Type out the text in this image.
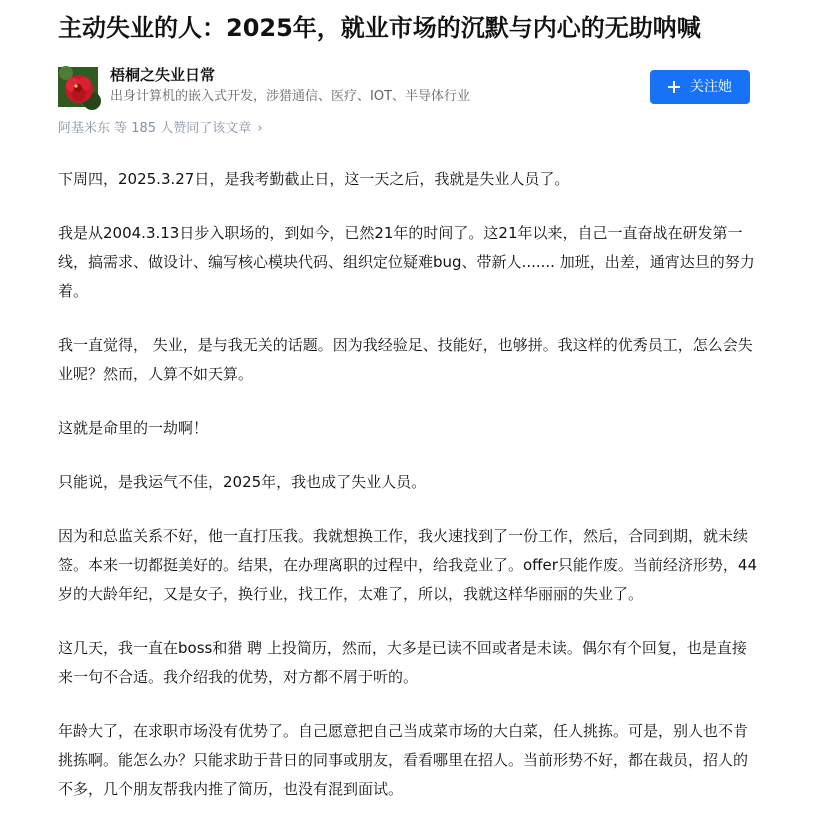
主动失业的人：2025年，就业市场的沉默与内心的无助呐喊
梧桐之失业日常
出身计算机的嵌入式开发，涉猎通信、医疗、IOT、半导体行业
关注她
阿基米东 等 185 人赞同了该文章 ›

下周四，2025.3.27日，是我考勤截止日，这一天之后，我就是失业人员了。

我是从2004.3.13日步入职场的，到如今，已然21年的时间了。这21年以来，自己一直奋战在研发第一线，搞需求、做设计、编写核心模块代码、组织定位疑难bug、带新人....... 加班，出差，通宵达旦的努力着。

我一直觉得， 失业，是与我无关的话题。因为我经验足、技能好，也够拼。我这样的优秀员工，怎么会失业呢？然而，人算不如天算。

这就是命里的一劫啊！

只能说，是我运气不佳，2025年，我也成了失业人员。

因为和总监关系不好，他一直打压我。我就想换工作，我火速找到了一份工作，然后，合同到期，就未续签。本来一切都挺美好的。结果，在办理离职的过程中，给我竞业了。offer只能作废。当前经济形势，44岁的大龄年纪，又是女子，换行业，找工作，太难了，所以，我就这样华丽丽的失业了。

这几天，我一直在boss和猎 聘 上投简历，然而，大多是已读不回或者是未读。偶尔有个回复，也是直接来一句不合适。我介绍我的优势，对方都不屑于听的。

年龄大了，在求职市场没有优势了。自己愿意把自己当成菜市场的大白菜，任人挑拣。可是，别人也不肯挑拣啊。能怎么办？只能求助于昔日的同事或朋友，看看哪里在招人。当前形势不好，都在裁员，招人的不多，几个朋友帮我内推了简历，也没有混到面试。
